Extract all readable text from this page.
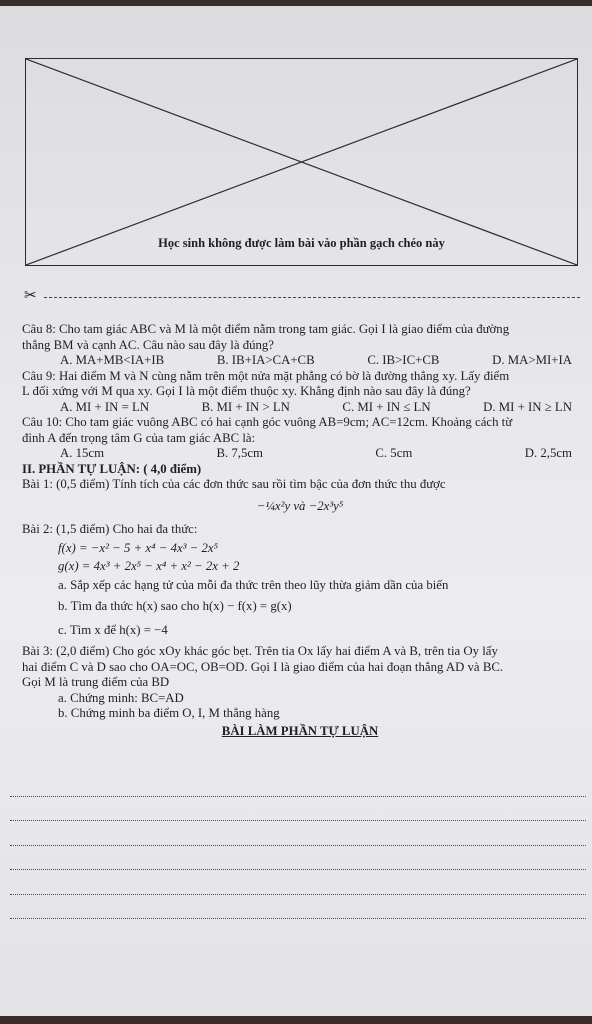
Học sinh không được làm bài vào phần gạch chéo này
✂

Câu 8: Cho tam giác ABC và M là một điểm nằm trong tam giác. Gọi I là giao điểm của đường

thẳng BM và cạnh AC. Câu nào sau đây là đúng?

A. MA+MB<IA+IB	B. IB+IA>CA+CB	C. IB>IC+CB	D. MA>MI+IA

Câu 9: Hai điểm M và N cùng nằm trên một nửa mặt phẳng có bờ là đường thẳng xy. Lấy điểm

L đối xứng với M qua xy. Gọi I là một điểm thuộc xy. Khẳng định nào sau đây là đúng?

A. MI + IN = LN	B. MI + IN > LN	C. MI + IN ≤ LN	D. MI + IN ≥ LN

Câu 10: Cho tam giác vuông ABC có hai cạnh góc vuông AB=9cm; AC=12cm. Khoảng cách từ

đỉnh A đến trọng tâm G của tam giác ABC là:

A. 15cm	B. 7,5cm	C. 5cm	D. 2,5cm

II. PHẦN TỰ LUẬN: ( 4,0 điểm)

Bài 1: (0,5 điểm) Tính tích của các đơn thức sau rồi tìm bậc của đơn thức thu được

−¼x²y và −2x³y⁵

Bài 2: (1,5 điểm) Cho hai đa thức:

f(x) = −x² − 5 + x⁴ − 4x³ − 2x⁵

g(x) = 4x³ + 2x⁵ − x⁴ + x² − 2x + 2

a. Sắp xếp các hạng tử của mỗi đa thức trên theo lũy thừa giảm dần của biến

b. Tìm đa thức h(x) sao cho h(x) − f(x) = g(x)

c. Tìm x để h(x) = −4

Bài 3: (2,0 điểm) Cho góc xOy khác góc bẹt. Trên tia Ox lấy hai điểm A và B, trên tia Oy lấy

hai điểm C và D sao cho OA=OC, OB=OD. Gọi I là giao điểm của hai đoạn thẳng AD và BC.

Gọi M là trung điểm của BD

a. Chứng minh: BC=AD

b. Chứng minh ba điểm O, I, M thẳng hàng

BÀI LÀM PHẦN TỰ LUẬN
